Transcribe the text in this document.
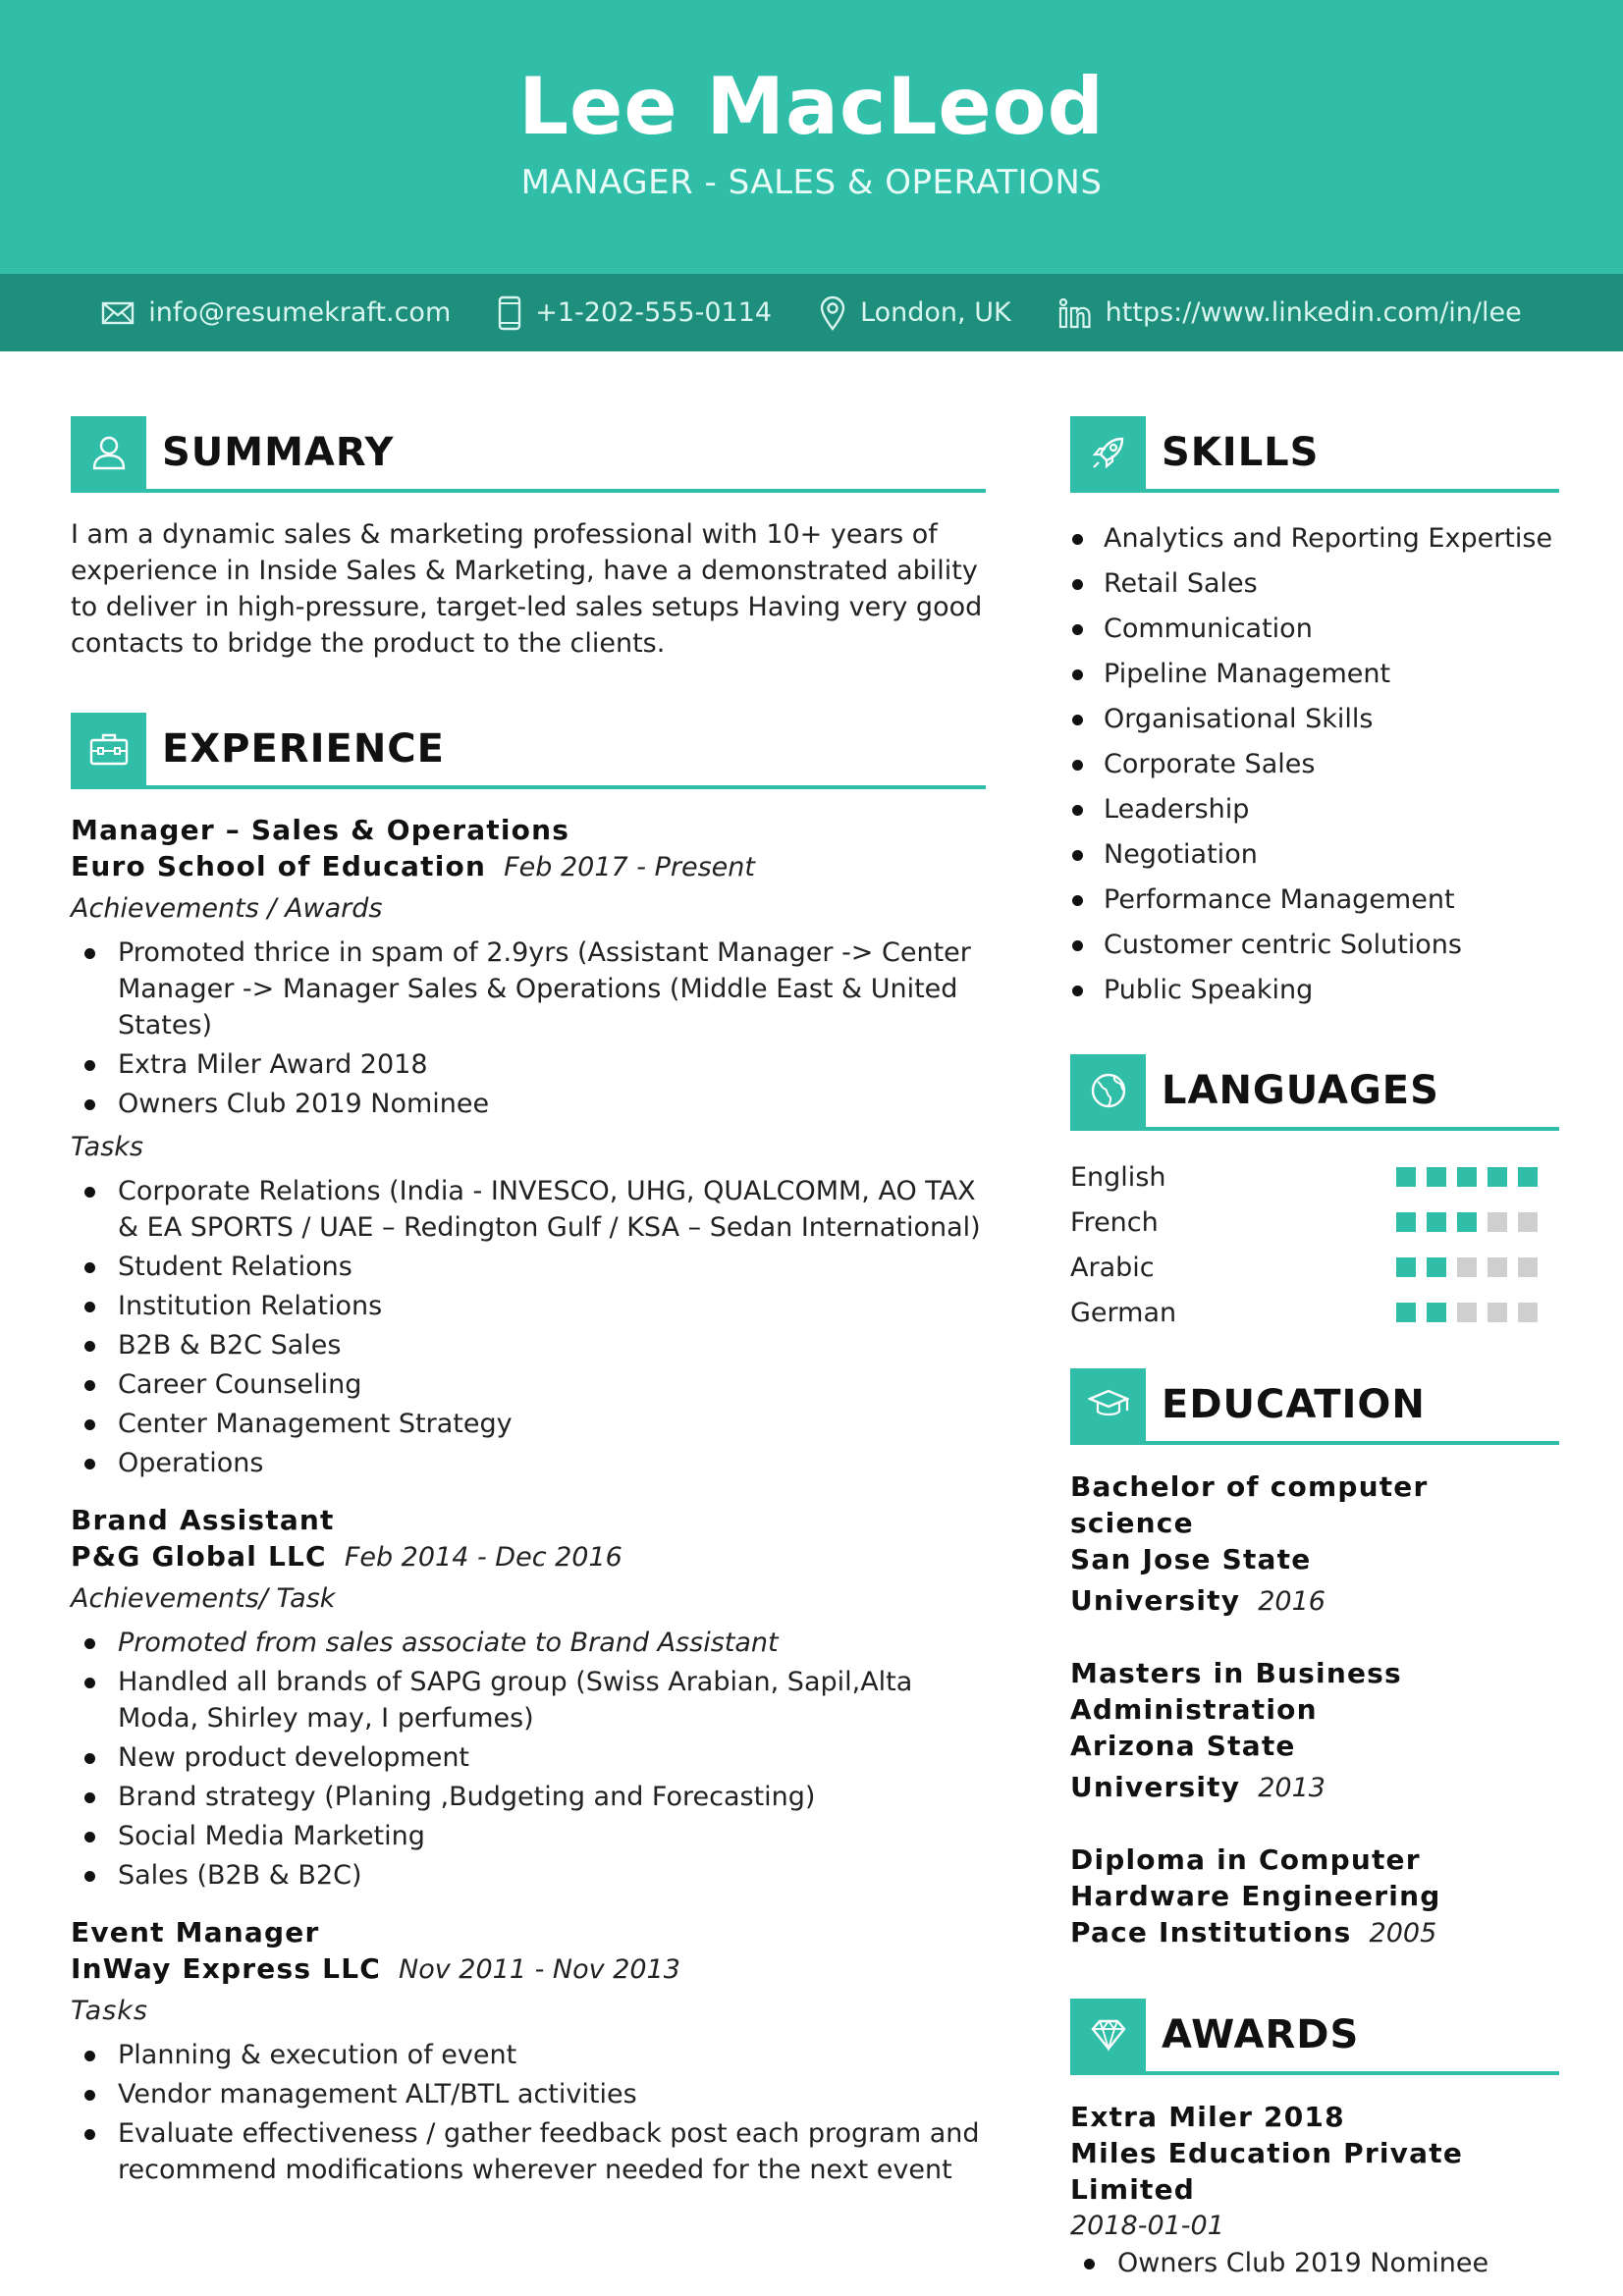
Lee MacLeod
MANAGER - SALES & OPERATIONS
info@resumekraft.com	+1-202-555-0114	London, UK	https://www.linkedin.com/in/lee
SUMMARY

I am a dynamic sales & marketing professional with 10+ years of experience in Inside Sales & Marketing, have a demonstrated ability to deliver in high-pressure, target-led sales setups Having very good contacts to bridge the product to the clients.

EXPERIENCE
Manager – Sales & Operations
Euro School of Education Feb 2017 - Present
Achievements / Awards
Promoted thrice in spam of 2.9yrs (Assistant Manager -> Center Manager -> Manager Sales & Operations (Middle East & United States)
Extra Miler Award 2018
Owners Club 2019 Nominee
Tasks
Corporate Relations (India - INVESCO, UHG, QUALCOMM, AO TAX & EA SPORTS / UAE – Redington Gulf / KSA – Sedan International)
Student Relations
Institution Relations
B2B & B2C Sales
Career Counseling
Center Management Strategy
Operations
Brand Assistant
P&G Global LLC Feb 2014 - Dec 2016
Achievements/ Task
Promoted from sales associate to Brand Assistant
Handled all brands of SAPG group (Swiss Arabian, Sapil,Alta Moda, Shirley may, I perfumes)
New product development
Brand strategy (Planing ,Budgeting and Forecasting)
Social Media Marketing
Sales (B2B & B2C)
Event Manager
InWay Express LLC Nov 2011 - Nov 2013
Tasks
Planning & execution of event
Vendor management ALT/BTL activities
Evaluate effectiveness / gather feedback post each program and recommend modifications wherever needed for the next event
SKILLS
Analytics and Reporting Expertise
Retail Sales
Communication
Pipeline Management
Organisational Skills
Corporate Sales
Leadership
Negotiation
Performance Management
Customer centric Solutions
Public Speaking
LANGUAGES
English
French
Arabic
German
EDUCATION
Bachelor of computer science
San Jose State University 2016
Masters in Business Administration
Arizona State University 2013
Diploma in Computer Hardware Engineering
Pace Institutions 2005
AWARDS
Extra Miler 2018
Miles Education Private Limited
2018-01-01
Owners Club 2019 Nominee
